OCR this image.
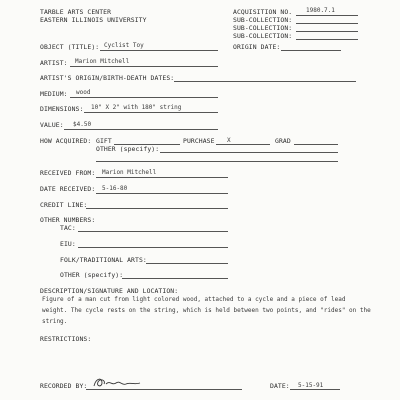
TARBLE ARTS CENTER
EASTERN ILLINOIS UNIVERSITY
ACQUISITION NO. 1980.7.1
SUB-COLLECTION:
SUB-COLLECTION:
SUB-COLLECTION:
OBJECT (TITLE): Cyclist Toy	ORIGIN DATE:
ARTIST: Marion Mitchell
ARTIST'S ORIGIN/BIRTH-DEATH DATES:
MEDIUM: wood
DIMENSIONS: 10" X 2" with 180" string
VALUE: $4.50
HOW ACQUIRED: GIFT	PURCHASE X	GRAD
OTHER (specify):
RECEIVED FROM: Marion Mitchell
DATE RECEIVED: 5-16-80
CREDIT LINE:
OTHER NUMBERS:
TAC:
EIU:
FOLK/TRADITIONAL ARTS:
OTHER (specify):
DESCRIPTION/SIGNATURE AND LOCATION:
Figure of a man cut from light colored wood, attached to a cycle and a piece of lead weight. The cycle rests on the string, which is held between two points, and "rides" on the string.
RESTRICTIONS:
RECORDED BY:	DATE: 5-15-91
